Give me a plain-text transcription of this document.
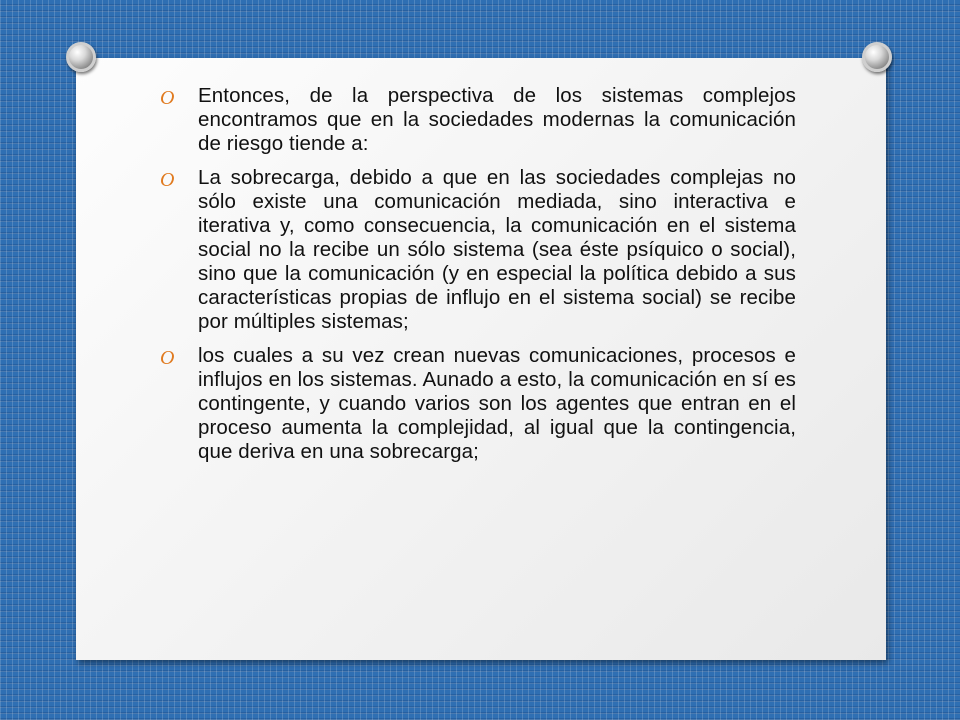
O Entonces, de la perspectiva de los sistemas complejos encontramos que en la sociedades modernas la comunicación de riesgo tiende a:
O La sobrecarga, debido a que en las sociedades complejas no sólo existe una comunicación mediada, sino interactiva e iterativa y, como consecuencia, la comunicación en el sistema social no la recibe un sólo sistema (sea éste psíquico o social), sino que la comunicación (y en especial la política debido a sus características propias de influjo en el sistema social) se recibe por múltiples sistemas;
O los cuales a su vez crean nuevas comunicaciones, procesos e influjos en los sistemas. Aunado a esto, la comunicación en sí es contingente, y cuando varios son los agentes que entran en el proceso aumenta la complejidad, al igual que la contingencia, que deriva en una sobrecarga;
